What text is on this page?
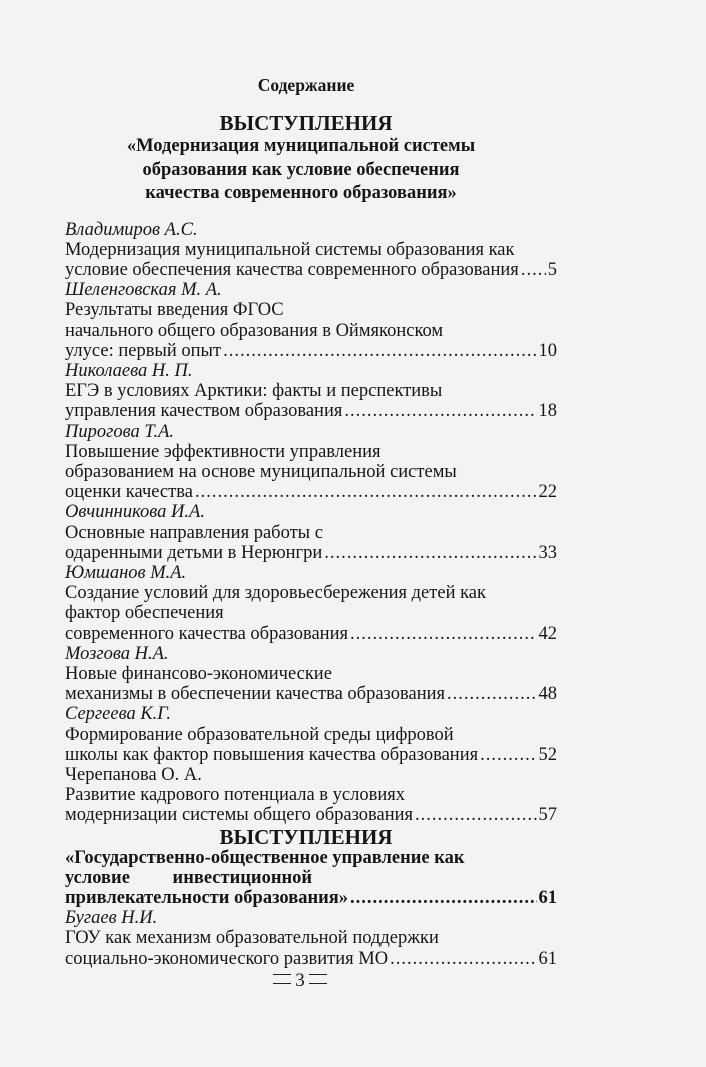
Содержание
ВЫСТУПЛЕНИЯ
«Модернизация муниципальной системы
образования как условие обеспечения
качества современного образования»
Владимиров А.С.
Модернизация муниципальной системы образования как
условие обеспечения качества современного образования ..... 5
Шеленговская М. А.
Результаты введения ФГОС
начального общего образования в Оймяконском
улусе: первый опыт .....	10
Николаева Н. П.
ЕГЭ в условиях Арктики: факты и перспективы
управления качеством образования .....	18
Пирогова Т.А.
Повышение эффективности управления
образованием на основе муниципальной системы
оценки качества .....	22
Овчинникова И.А.
Основные направления работы с
одаренными детьми в Нерюнгри .....	33
Юмшанов М.А.
Создание условий для здоровьесбережения детей как
фактор обеспечения
современного качества образования .....	42
Мозгова Н.А.
Новые финансово-экономические
механизмы в обеспечении качества образования .....	48
Сергеева К.Г.
Формирование образовательной среды цифровой
школы как фактор повышения качества образования .....	52
Черепанова О. А.
Развитие кадрового потенциала в условиях
модернизации системы общего образования .....	57
ВЫСТУПЛЕНИЯ
«Государственно-общественное управление как
условие инвестиционной
привлекательности образования» .....	61
Бугаев Н.И.
ГОУ как механизм образовательной поддержки
социально-экономического развития МО .....	61
3
